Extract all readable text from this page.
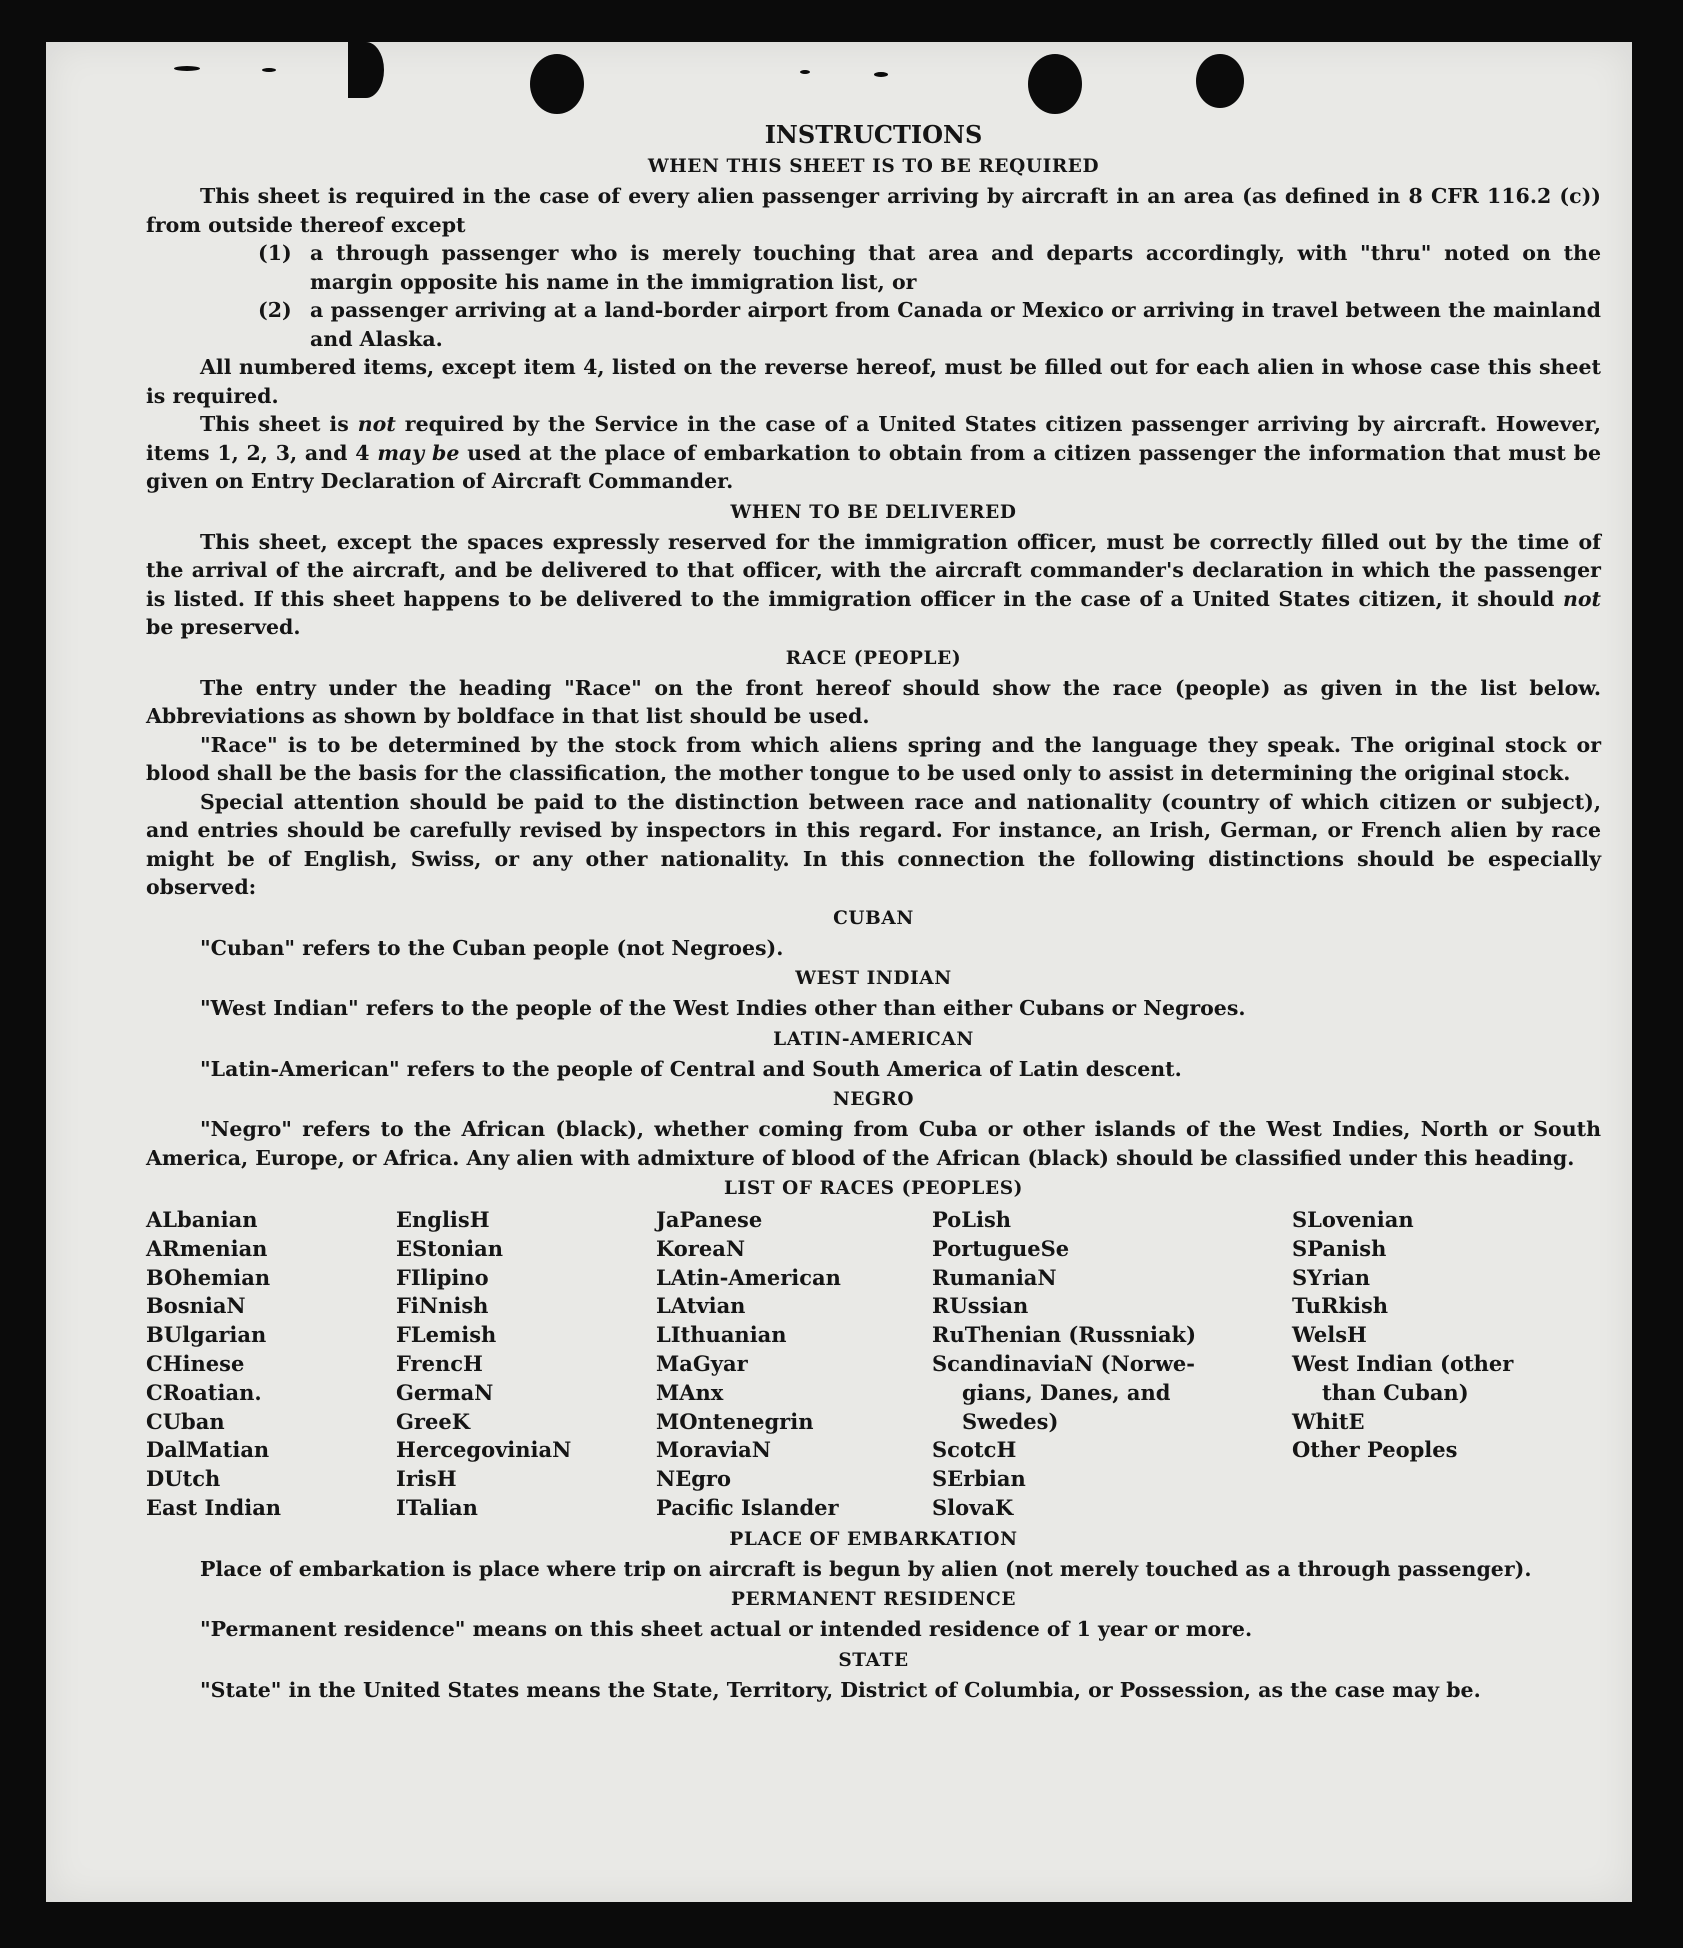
INSTRUCTIONS
WHEN THIS SHEET IS TO BE REQUIRED

This sheet is required in the case of every alien passenger arriving by aircraft in an area (as defined in 8 CFR 116.2 (c)) from outside thereof except

(1) a through passenger who is merely touching that area and departs accordingly, with "thru" noted on the margin opposite his name in the immigration list, or
(2) a passenger arriving at a land-border airport from Canada or Mexico or arriving in travel between the mainland and Alaska.

All numbered items, except item 4, listed on the reverse hereof, must be filled out for each alien in whose case this sheet is required.

This sheet is not required by the Service in the case of a United States citizen passenger arriving by aircraft. However, items 1, 2, 3, and 4 may be used at the place of embarkation to obtain from a citizen passenger the information that must be given on Entry Declaration of Aircraft Commander.

WHEN TO BE DELIVERED

This sheet, except the spaces expressly reserved for the immigration officer, must be correctly filled out by the time of the arrival of the aircraft, and be delivered to that officer, with the aircraft commander's declaration in which the passenger is listed. If this sheet happens to be delivered to the immigration officer in the case of a United States citizen, it should not be preserved.

RACE (PEOPLE)

The entry under the heading "Race" on the front hereof should show the race (people) as given in the list below. Abbreviations as shown by boldface in that list should be used.

"Race" is to be determined by the stock from which aliens spring and the language they speak. The original stock or blood shall be the basis for the classification, the mother tongue to be used only to assist in determining the original stock.

Special attention should be paid to the distinction between race and nationality (country of which citizen or subject), and entries should be carefully revised by inspectors in this regard. For instance, an Irish, German, or French alien by race might be of English, Swiss, or any other nationality. In this connection the following distinctions should be especially observed:

CUBAN

"Cuban" refers to the Cuban people (not Negroes).

WEST INDIAN

"West Indian" refers to the people of the West Indies other than either Cubans or Negroes.

LATIN-AMERICAN

"Latin-American" refers to the people of Central and South America of Latin descent.

NEGRO

"Negro" refers to the African (black), whether coming from Cuba or other islands of the West Indies, North or South America, Europe, or Africa. Any alien with admixture of blood of the African (black) should be classified under this heading.

LIST OF RACES (PEOPLES)
ALbanian
ARmenian
BOhemian
BosniaN
BUlgarian
CHinese
CRoatian.
CUban
DalMatian
DUtch
East Indian
EnglisH
EStonian
FIlipino
FiNnish
FLemish
FrencH
GermaN
GreeK
HercegoviniaN
IrisH
ITalian
JaPanese
KoreaN
LAtin-American
LAtvian
LIthuanian
MaGyar
MAnx
MOntenegrin
MoraviaN
NEgro
Pacific Islander
PoLish
PortugueSe
RumaniaN
RUssian
RuThenian (Russniak)
ScandinaviaN (Norwe-
gians, Danes, and
Swedes)
ScotcH
SErbian
SlovaK
SLovenian
SPanish
SYrian
TuRkish
WelsH
West Indian (other
than Cuban)
WhitE
Other Peoples
PLACE OF EMBARKATION

Place of embarkation is place where trip on aircraft is begun by alien (not merely touched as a through passenger).

PERMANENT RESIDENCE

"Permanent residence" means on this sheet actual or intended residence of 1 year or more.

STATE

"State" in the United States means the State, Territory, District of Columbia, or Possession, as the case may be.
